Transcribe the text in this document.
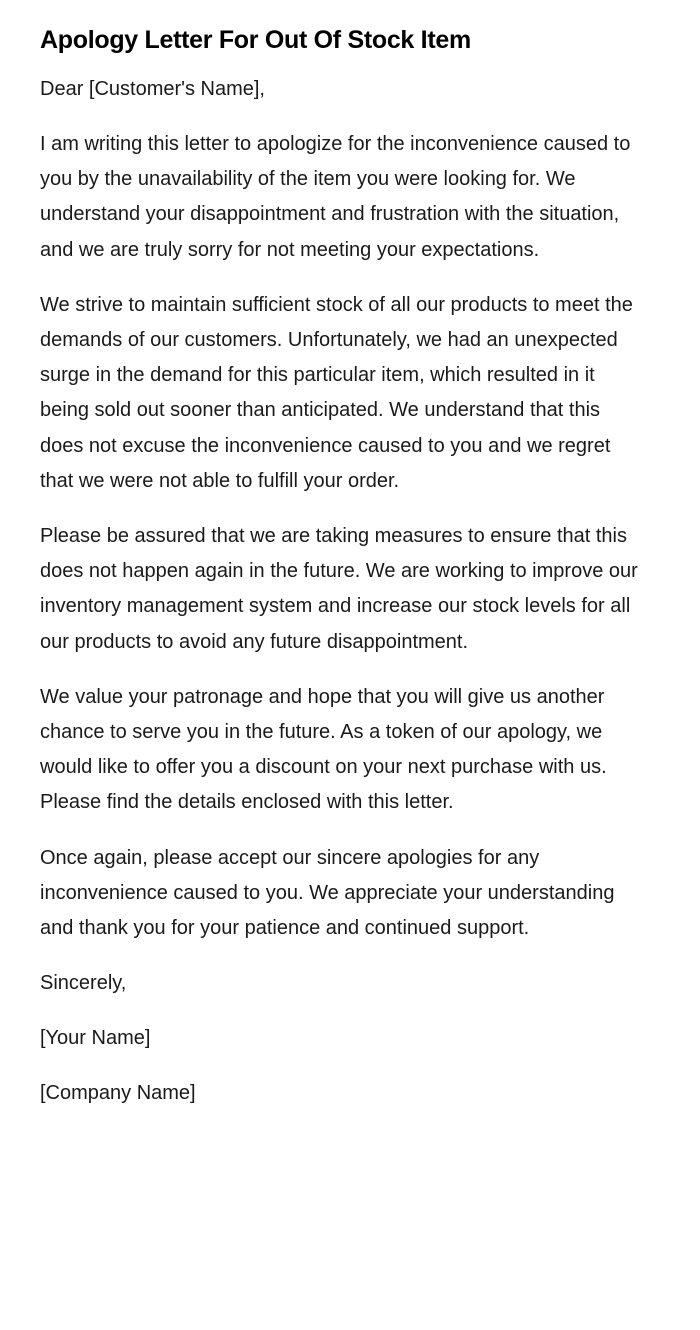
Apology Letter For Out Of Stock Item

Dear [Customer's Name],

I am writing this letter to apologize for the inconvenience caused to you by the unavailability of the item you were looking for. We understand your disappointment and frustration with the situation, and we are truly sorry for not meeting your expectations.

We strive to maintain sufficient stock of all our products to meet the demands of our customers. Unfortunately, we had an unexpected surge in the demand for this particular item, which resulted in it being sold out sooner than anticipated. We understand that this does not excuse the inconvenience caused to you and we regret that we were not able to fulfill your order.

Please be assured that we are taking measures to ensure that this does not happen again in the future. We are working to improve our inventory management system and increase our stock levels for all our products to avoid any future disappointment.

We value your patronage and hope that you will give us another chance to serve you in the future. As a token of our apology, we would like to offer you a discount on your next purchase with us. Please find the details enclosed with this letter.

Once again, please accept our sincere apologies for any inconvenience caused to you. We appreciate your understanding and thank you for your patience and continued support.

Sincerely,

[Your Name]

[Company Name]
